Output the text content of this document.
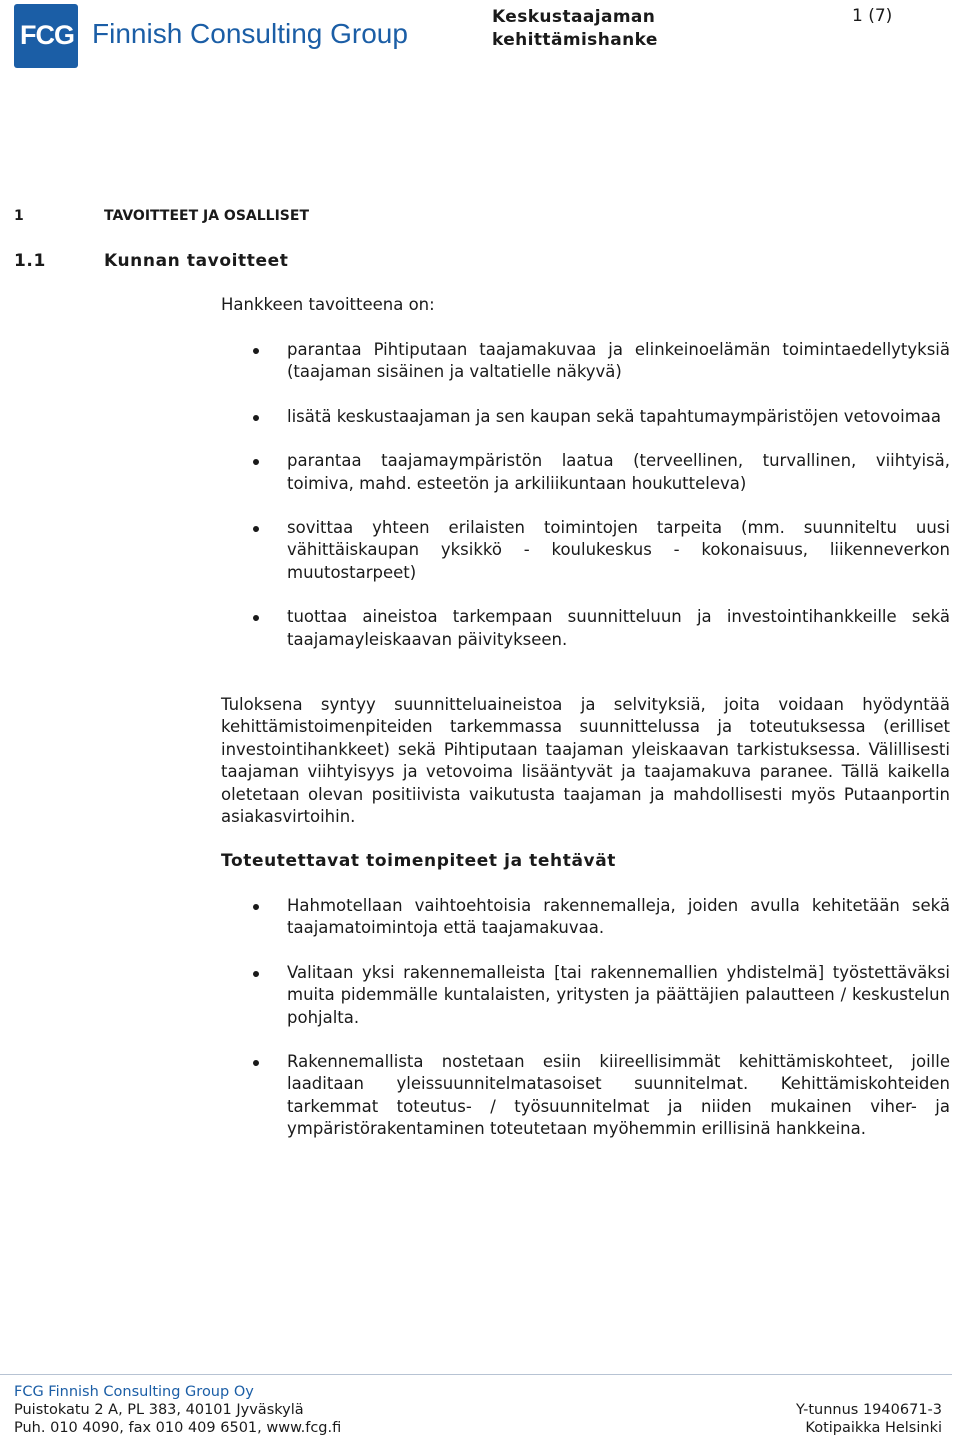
FCG Finnish Consulting Group
Keskustaajaman
kehittämishanke
1 (7)
1	TAVOITTEET JA OSALLISET
1.1	Kunnan tavoitteet
Hankkeen tavoitteena on:
parantaa Pihtiputaan taajamakuvaa ja elinkeinoelämän toimintaedellytyksiä (taajaman sisäinen ja valtatielle näkyvä)
lisätä keskustaajaman ja sen kaupan sekä tapahtumaympäristöjen vetovoimaa
parantaa taajamaympäristön laatua (terveellinen, turvallinen, viihtyisä, toimiva, mahd. esteetön ja arkiliikuntaan houkutteleva)
sovittaa yhteen erilaisten toimintojen tarpeita (mm. suunniteltu uusi vähittäiskaupan yksikkö - koulukeskus - kokonaisuus, liikenneverkon muutostarpeet)
tuottaa aineistoa tarkempaan suunnitteluun ja investointihankkeille sekä taajamayleiskaavan päivitykseen.
Tuloksena syntyy suunnitteluaineistoa ja selvityksiä, joita voidaan hyödyntää kehittämistoimenpiteiden tarkemmassa suunnittelussa ja toteutuksessa (erilliset investointihankkeet) sekä Pihtiputaan taajaman yleiskaavan tarkistuksessa. Välillisesti taajaman viihtyisyys ja vetovoima lisääntyvät ja taajamakuva paranee. Tällä kaikella oletetaan olevan positiivista vaikutusta taajaman ja mahdollisesti myös Putaanportin asiakasvirtoihin.
Toteutettavat toimenpiteet ja tehtävät
Hahmotellaan vaihtoehtoisia rakennemalleja, joiden avulla kehitetään sekä taajamatoimintoja että taajamakuvaa.
Valitaan yksi rakennemalleista [tai rakennemallien yhdistelmä] työstettäväksi muita pidemmälle kuntalaisten, yritysten ja päättäjien palautteen / keskustelun pohjalta.
Rakennemallista nostetaan esiin kiireellisimmät kehittämiskohteet, joille laaditaan yleissuunnitelmatasoiset suunnitelmat. Kehittämiskohteiden tarkemmat toteutus- / työsuunnitelmat ja niiden mukainen viher- ja ympäristörakentaminen toteutetaan myöhemmin erillisinä hankkeina.
FCG Finnish Consulting Group Oy
Puistokatu 2 A, PL 383, 40101 Jyväskylä	Y-tunnus 1940671-3
Puh. 010 4090, fax 010 409 6501, www.fcg.fi	Kotipaikka Helsinki
